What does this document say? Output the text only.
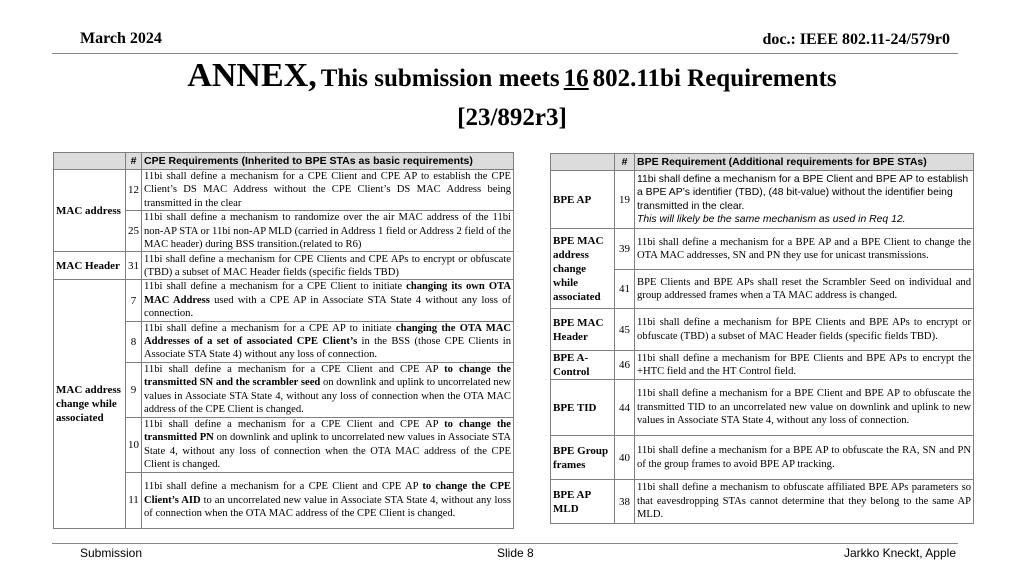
March 2024	doc.: IEEE 802.11-24/579r0
ANNEX, This submission meets 16 802.11bi Requirements
[23/892r3]
	#	CPE Requirements (Inherited to BPE STAs as basic requirements)
MAC address	12	11bi shall define a mechanism for a CPE Client and CPE AP to establish the CPE Client’s DS MAC Address without the CPE Client’s DS MAC Address being transmitted in the clear
	25	11bi shall define a mechanism to randomize over the air MAC address of the 11bi non-AP STA or 11bi non-AP MLD (carried in Address 1 field or Address 2 field of the MAC header) during BSS transition.(related to R6)
MAC Header	31	11bi shall define a mechanism for CPE Clients and CPE APs to encrypt or obfuscate (TBD) a subset of MAC Header fields (specific fields TBD)
MAC address change while associated	7	11bi shall define a mechanism for a CPE Client to initiate changing its own OTA MAC Address used with a CPE AP in Associate STA State 4 without any loss of connection.
	8	11bi shall define a mechanism for a CPE AP to initiate changing the OTA MAC Addresses of a set of associated CPE Client’s in the BSS (those CPE Clients in Associate STA State 4) without any loss of connection.
	9	11bi shall define a mechanism for a CPE Client and CPE AP to change the transmitted SN and the scrambler seed on downlink and uplink to uncorrelated new values in Associate STA State 4, without any loss of connection when the OTA MAC address of the CPE Client is changed.
	10	11bi shall define a mechanism for a CPE Client and CPE AP to change the transmitted PN on downlink and uplink to uncorrelated new values in Associate STA State 4, without any loss of connection when the OTA MAC address of the CPE Client is changed.
	11	11bi shall define a mechanism for a CPE Client and CPE AP to change the CPE Client’s AID to an uncorrelated new value in Associate STA State 4, without any loss of connection when the OTA MAC address of the CPE Client is changed.
	#	BPE Requirement (Additional requirements for BPE STAs)
BPE AP	19	11bi shall define a mechanism for a BPE Client and BPE AP to establish a BPE AP’s identifier (TBD), (48 bit-value) without the identifier being transmitted in the clear.
This will likely be the same mechanism as used in Req 12.
BPE MAC address change while associated	39	11bi shall define a mechanism for a BPE AP and a BPE Client to change the OTA MAC addresses, SN and PN they use for unicast transmissions.
	41	BPE Clients and BPE APs shall reset the Scrambler Seed on individual and group addressed frames when a TA MAC address is changed.
BPE MAC Header	45	11bi shall define a mechanism for BPE Clients and BPE APs to encrypt or obfuscate (TBD) a subset of MAC Header fields (specific fields TBD).
BPE A-Control	46	11bi shall define a mechanism for BPE Clients and BPE APs to encrypt the +HTC field and the HT Control field.
BPE TID	44	11bi shall define a mechanism for a BPE Client and BPE AP to obfuscate the transmitted TID to an uncorrelated new value on downlink and uplink to new values in Associate STA State 4, without any loss of connection.
BPE Group frames	40	11bi shall define a mechanism for a BPE AP to obfuscate the RA, SN and PN of the group frames to avoid BPE AP tracking.
BPE AP MLD	38	11bi shall define a mechanism to obfuscate affiliated BPE APs parameters so that eavesdropping STAs cannot determine that they belong to the same AP MLD.
Submission	Slide 8	Jarkko Kneckt, Apple
